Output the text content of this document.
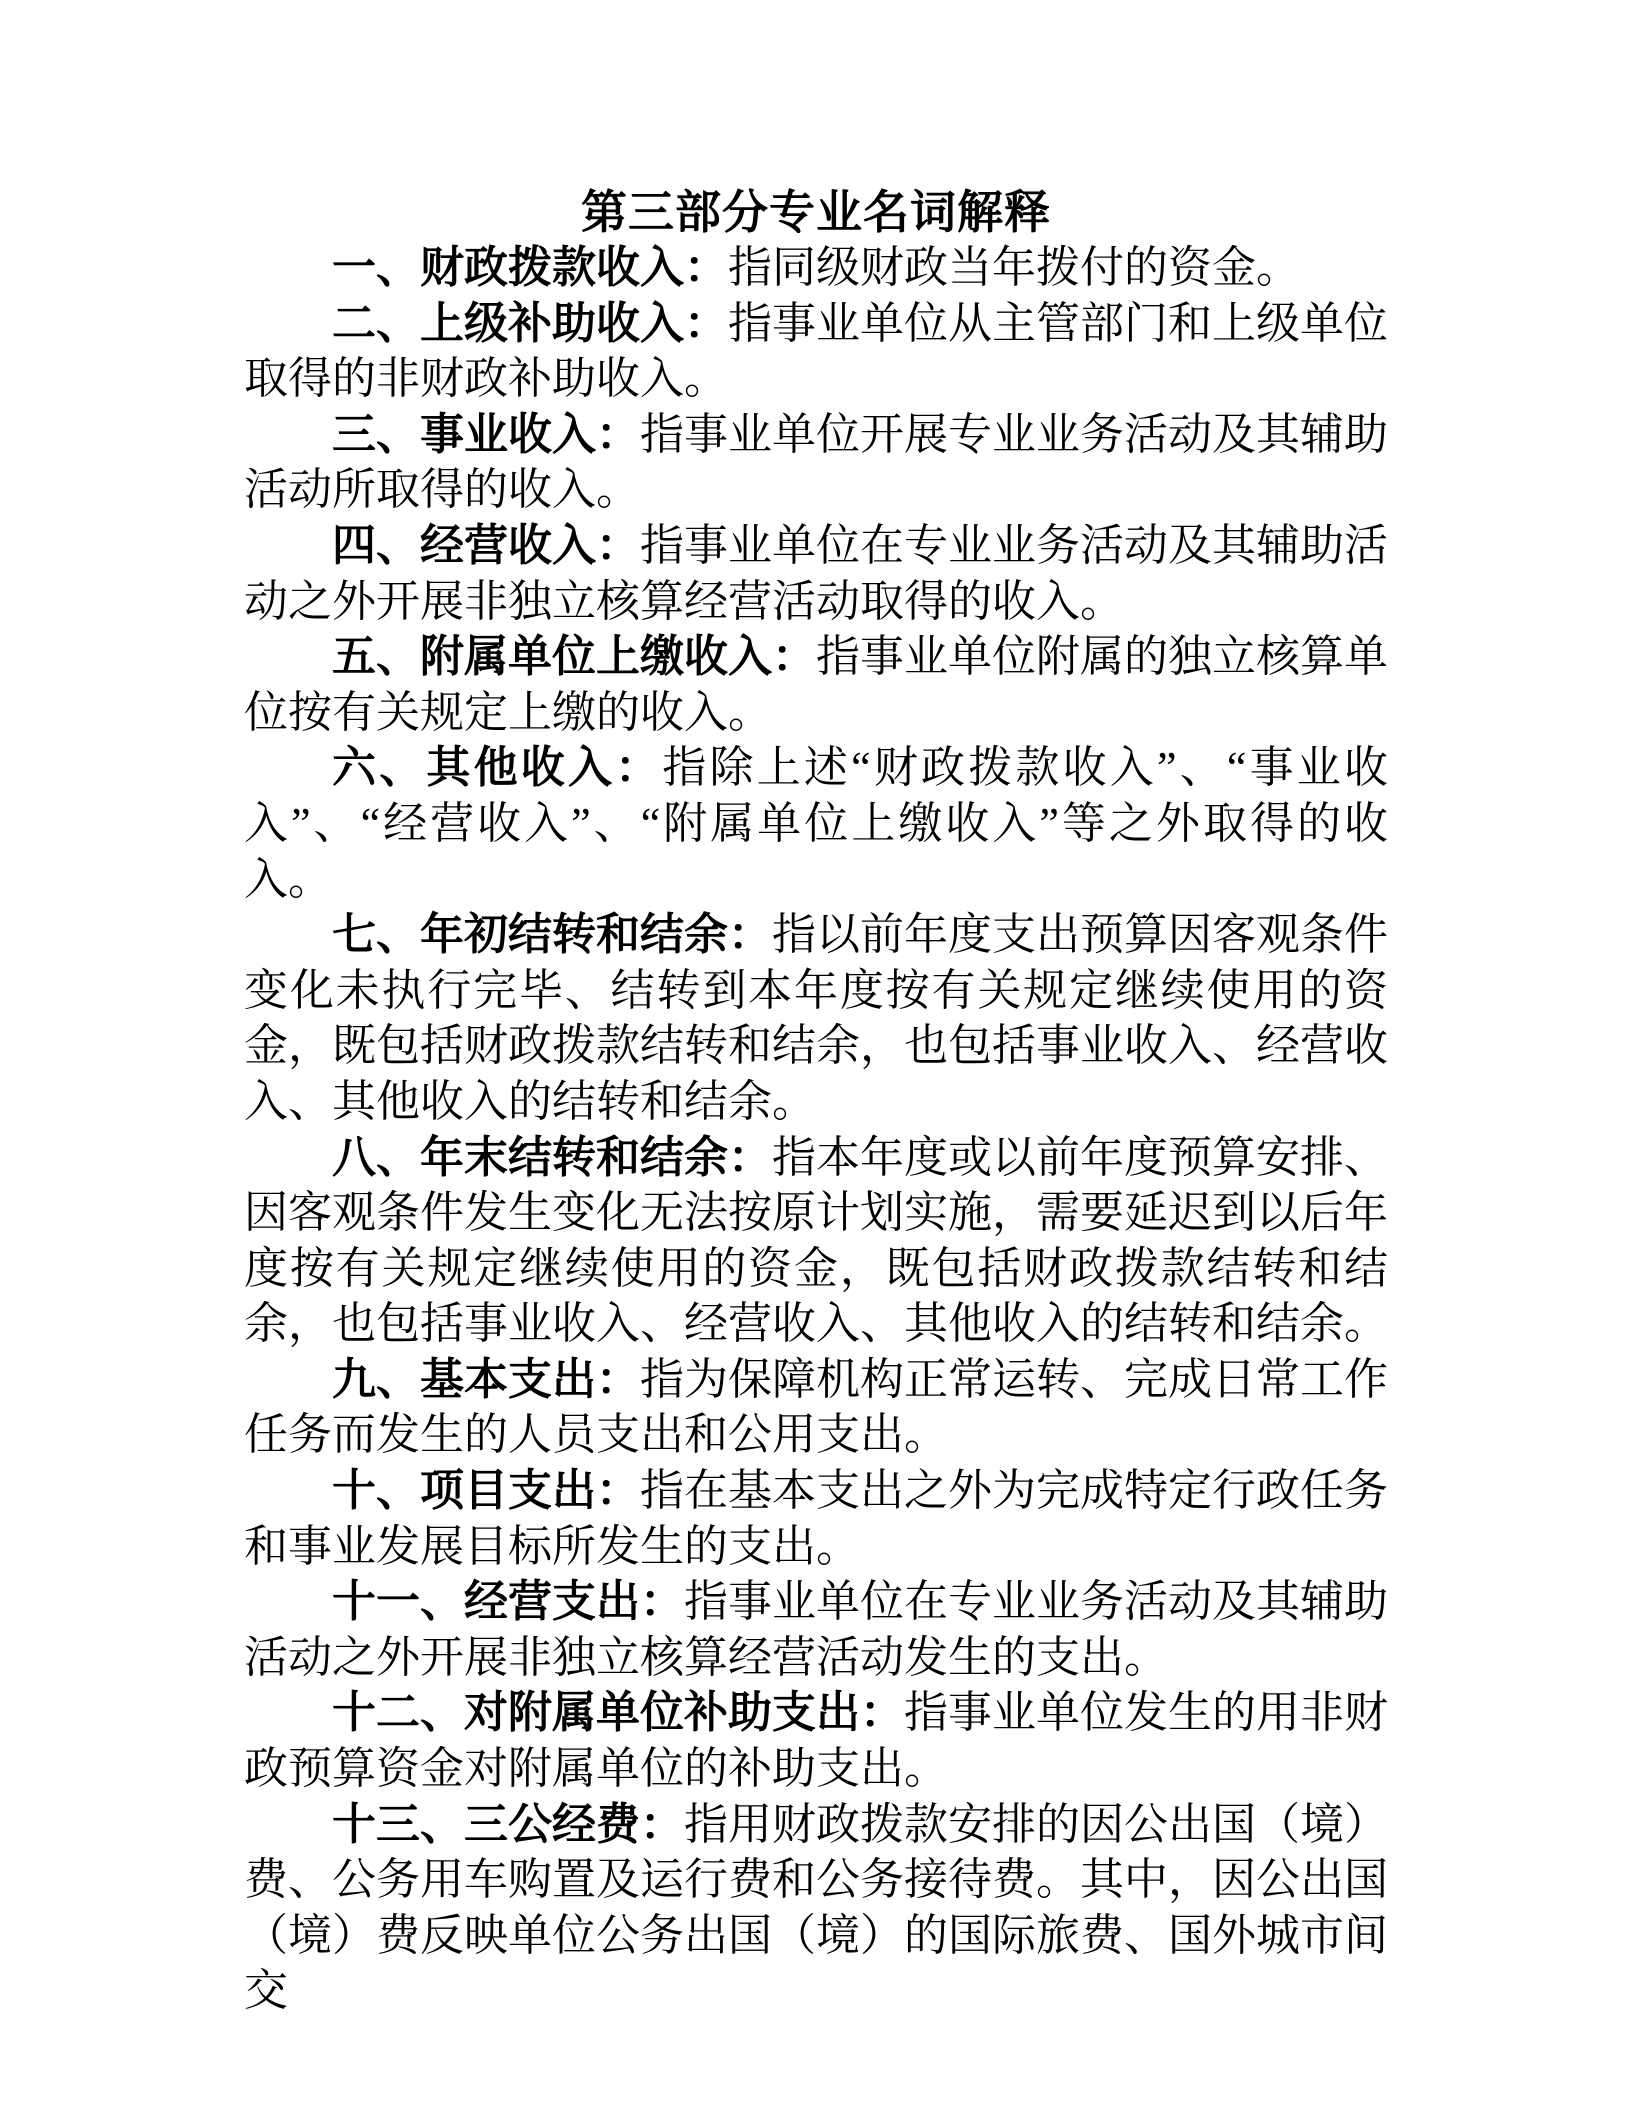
第三部分专业名词解释

一、财政拨款收入：指同级财政当年拨付的资金。

二、上级补助收入：指事业单位从主管部门和上级单位取得的非财政补助收入。

三、事业收入：指事业单位开展专业业务活动及其辅助活动所取得的收入。

四、经营收入：指事业单位在专业业务活动及其辅助活动之外开展非独立核算经营活动取得的收入。

五、附属单位上缴收入：指事业单位附属的独立核算单位按有关规定上缴的收入。

六、其他收入：指除上述“财政拨款收入”、“事业收入”、“经营收入”、“附属单位上缴收入”等之外取得的收入。

七、年初结转和结余：指以前年度支出预算因客观条件变化未执行完毕、结转到本年度按有关规定继续使用的资金，既包括财政拨款结转和结余，也包括事业收入、经营收入、其他收入的结转和结余。

八、年末结转和结余：指本年度或以前年度预算安排、因客观条件发生变化无法按原计划实施，需要延迟到以后年度按有关规定继续使用的资金，既包括财政拨款结转和结余，也包括事业收入、经营收入、其他收入的结转和结余。

九、基本支出：指为保障机构正常运转、完成日常工作任务而发生的人员支出和公用支出。

十、项目支出：指在基本支出之外为完成特定行政任务和事业发展目标所发生的支出。

十一、经营支出：指事业单位在专业业务活动及其辅助活动之外开展非独立核算经营活动发生的支出。

十二、对附属单位补助支出：指事业单位发生的用非财政预算资金对附属单位的补助支出。

十三、三公经费：指用财政拨款安排的因公出国（境）费、公务用车购置及运行费和公务接待费。其中，因公出国（境）费反映单位公务出国（境）的国际旅费、国外城市间交
